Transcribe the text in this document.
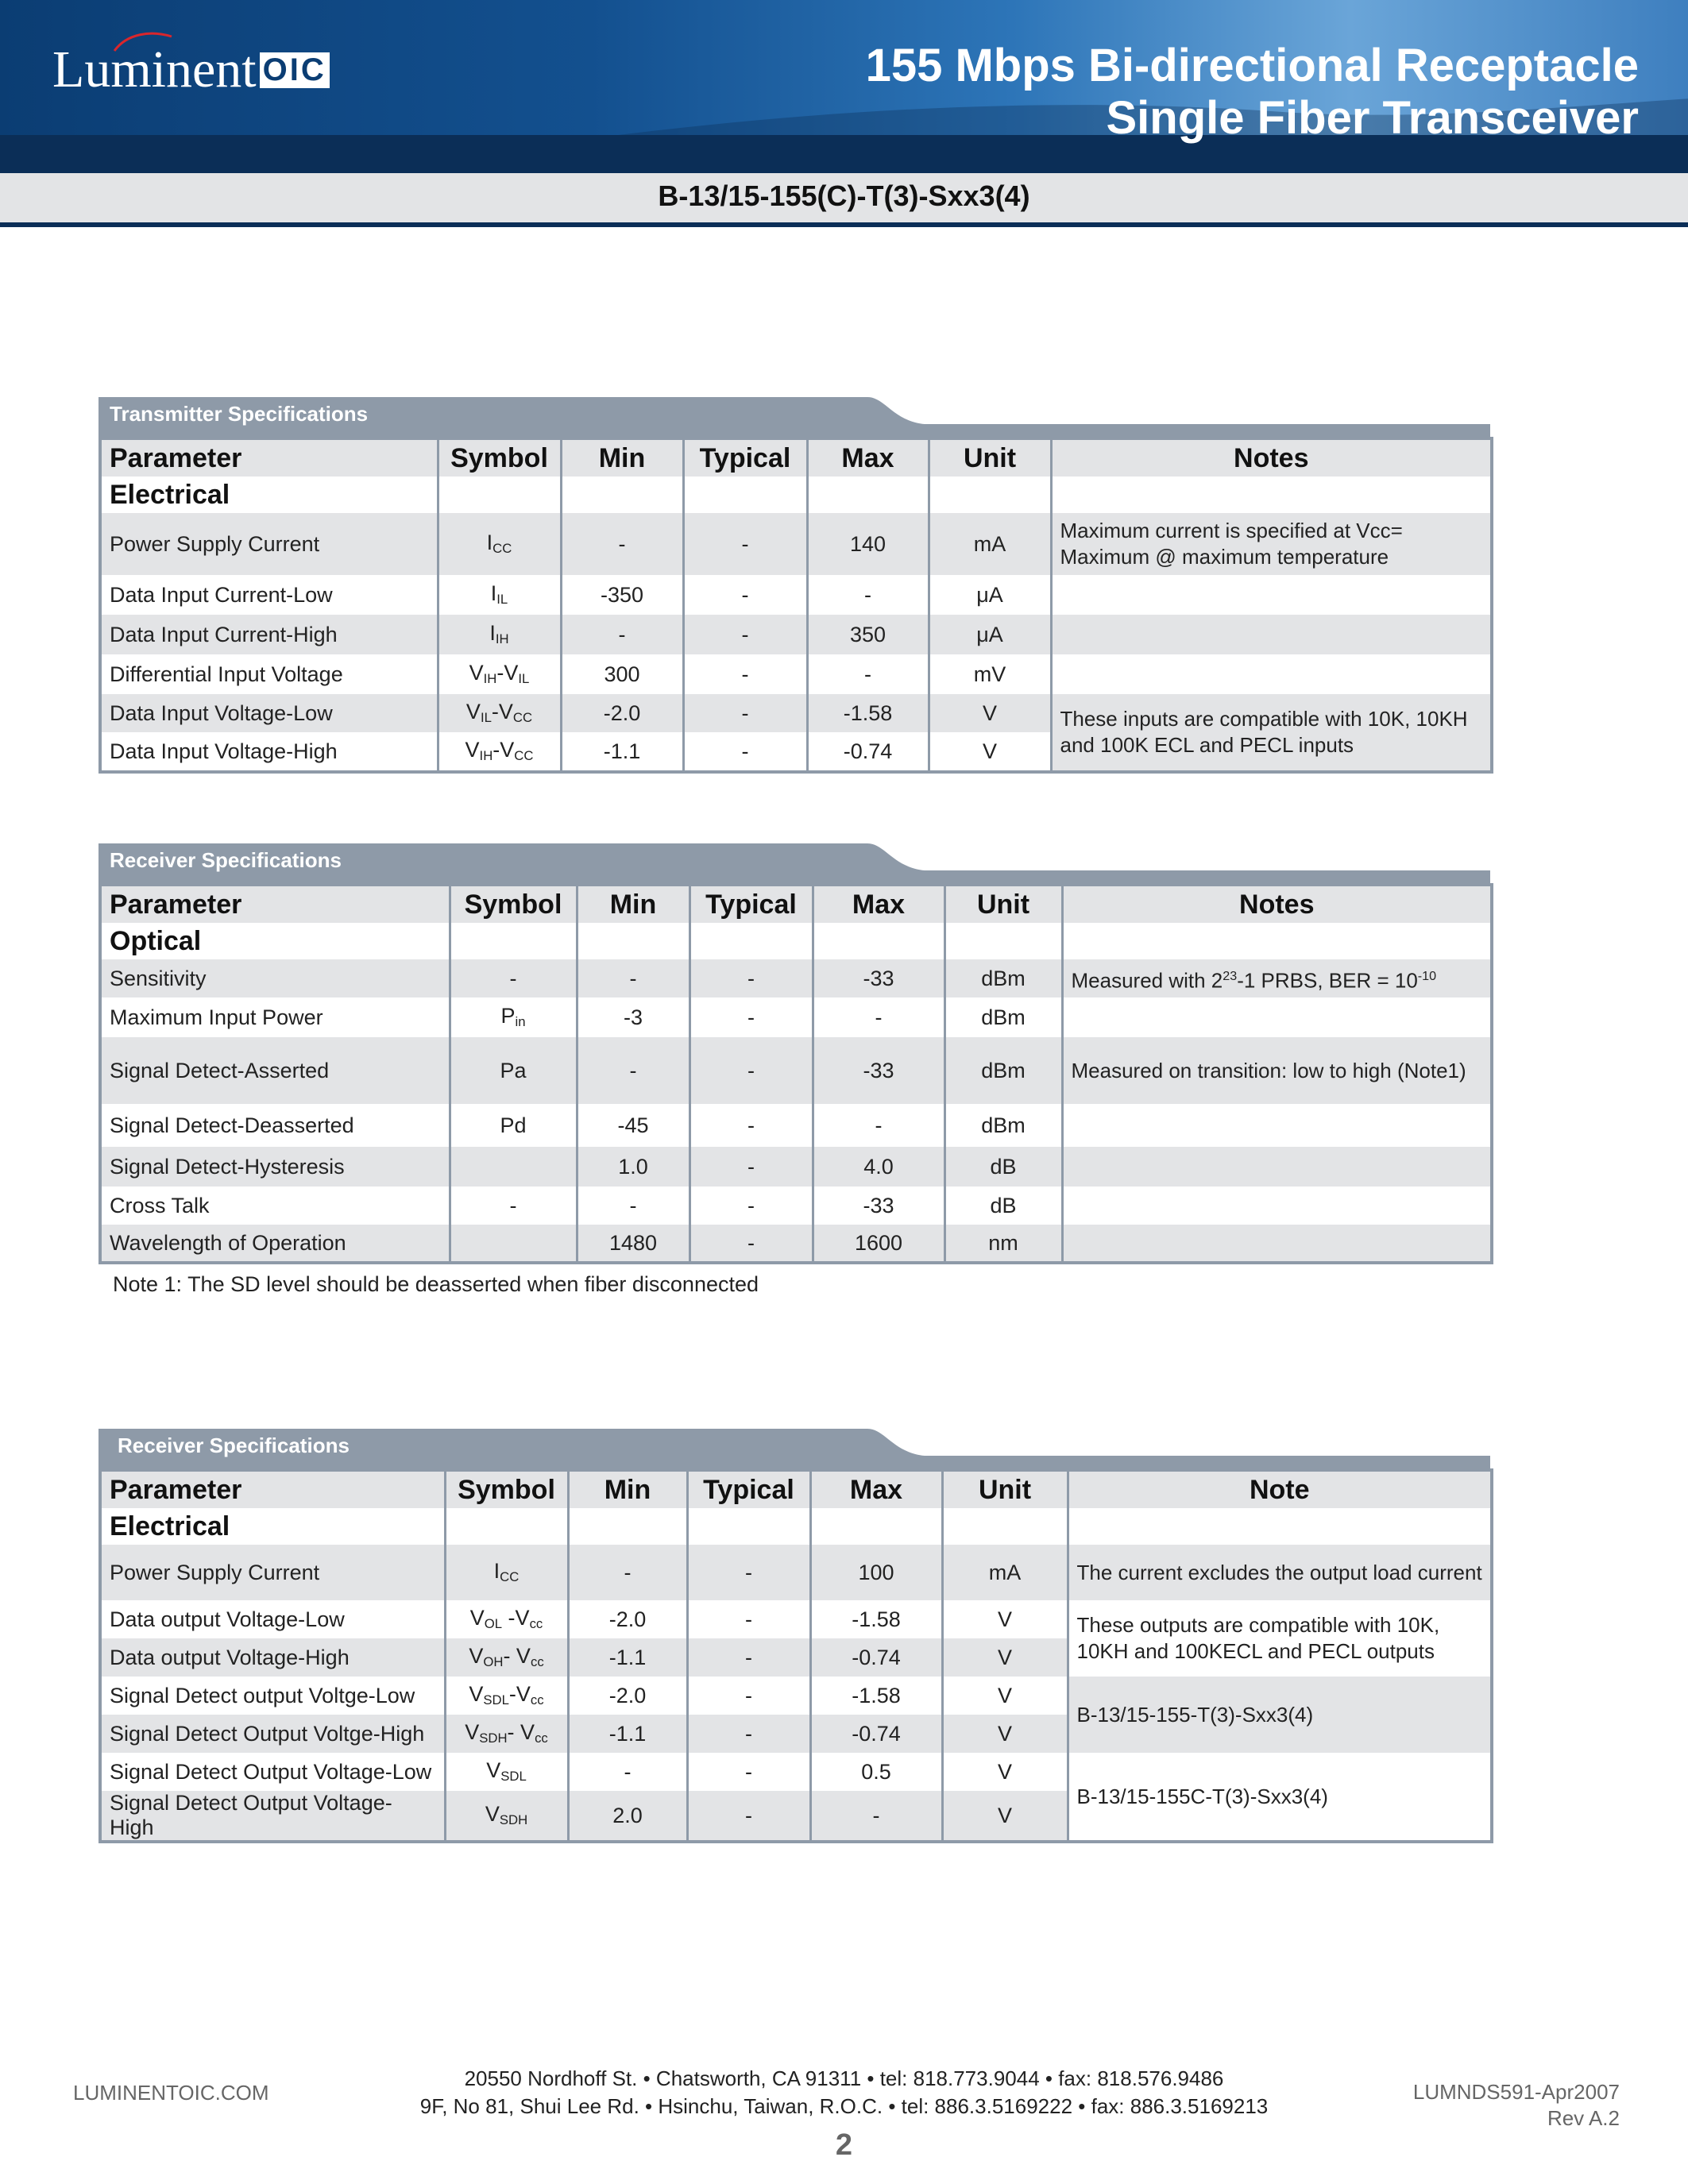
Luminent OIC	155 Mbps Bi-directional Receptacle
Single Fiber Transceiver
B-13/15-155(C)-T(3)-Sxx3(4)
Transmitter Specifications
Parameter	Symbol	Min	Typical	Max	Unit	Notes
Electrical						
Power Supply Current	$I_{CC}$	-	-	140	mA	Maximum current is specified at Vcc= Maximum @ maximum temperature
Data Input Current-Low	$I_{IL}$	-350	-	-	μA	
Data Input Current-High	$I_{IH}$	-	-	350	μA	
Differential Input Voltage	$V_{IH}-V_{IL}$	300	-	-	mV	
Data Input Voltage-Low	$V_{IL}-V_{CC}$	-2.0	-	-1.58	V	These inputs are compatible with 10K, 10KH and 100K ECL and PECL inputs
Data Input Voltage-High	$V_{IH}-V_{CC}$	-1.1	-	-0.74	V	
Receiver Specifications
Parameter	Symbol	Min	Typical	Max	Unit	Notes
Optical						
Sensitivity	-	-	-	-33	dBm	Measured with $2^{23}-1$ PRBS, BER = $10^{-10}$
Maximum Input Power	$P_{in}$	-3	-	-	dBm	
Signal Detect-Asserted	Pa	-	-	-33	dBm	Measured on transition: low to high (Note1)
Signal Detect-Deasserted	Pd	-45	-	-	dBm	
Signal Detect-Hysteresis		1.0	-	4.0	dB	
Cross Talk	-	-	-	-33	dB	
Wavelength of Operation		1480	-	1600	nm	
Note 1: The SD level should be deasserted when fiber disconnected
Receiver Specifications
Parameter	Symbol	Min	Typical	Max	Unit	Note
Electrical						
Power Supply Current	$I_{CC}$	-	-	100	mA	The current excludes the output load current
Data output Voltage-Low	$V_{OL}$ $-V_{cc}$	-2.0	-	-1.58	V	These outputs are compatible with 10K, 10KH and 100KECL and PECL outputs
Data output Voltage-High	$V_{OH}-$ $V_{cc}$	-1.1	-	-0.74	V	
Signal Detect output Voltge-Low	$V_{SDL}-V_{cc}$	-2.0	-	-1.58	V	B-13/15-155-T(3)-Sxx3(4)
Signal Detect Output Voltge-High	$V_{SDH}-$ $V_{cc}$	-1.1	-	-0.74	V	
Signal Detect Output Voltage-Low	$V_{SDL}$	-	-	0.5	V	B-13/15-155C-T(3)-Sxx3(4)
Signal Detect Output Voltage-High	$V_{SDH}$	2.0	-	-	V	
LUMINENTOIC.COM
20550 Nordhoff St. • Chatsworth, CA 91311 • tel: 818.773.9044 • fax: 818.576.9486
9F, No 81, Shui Lee Rd. • Hsinchu, Taiwan, R.O.C. • tel: 886.3.5169222 • fax: 886.3.5169213
LUMNDS591-Apr2007
Rev A.2
2
